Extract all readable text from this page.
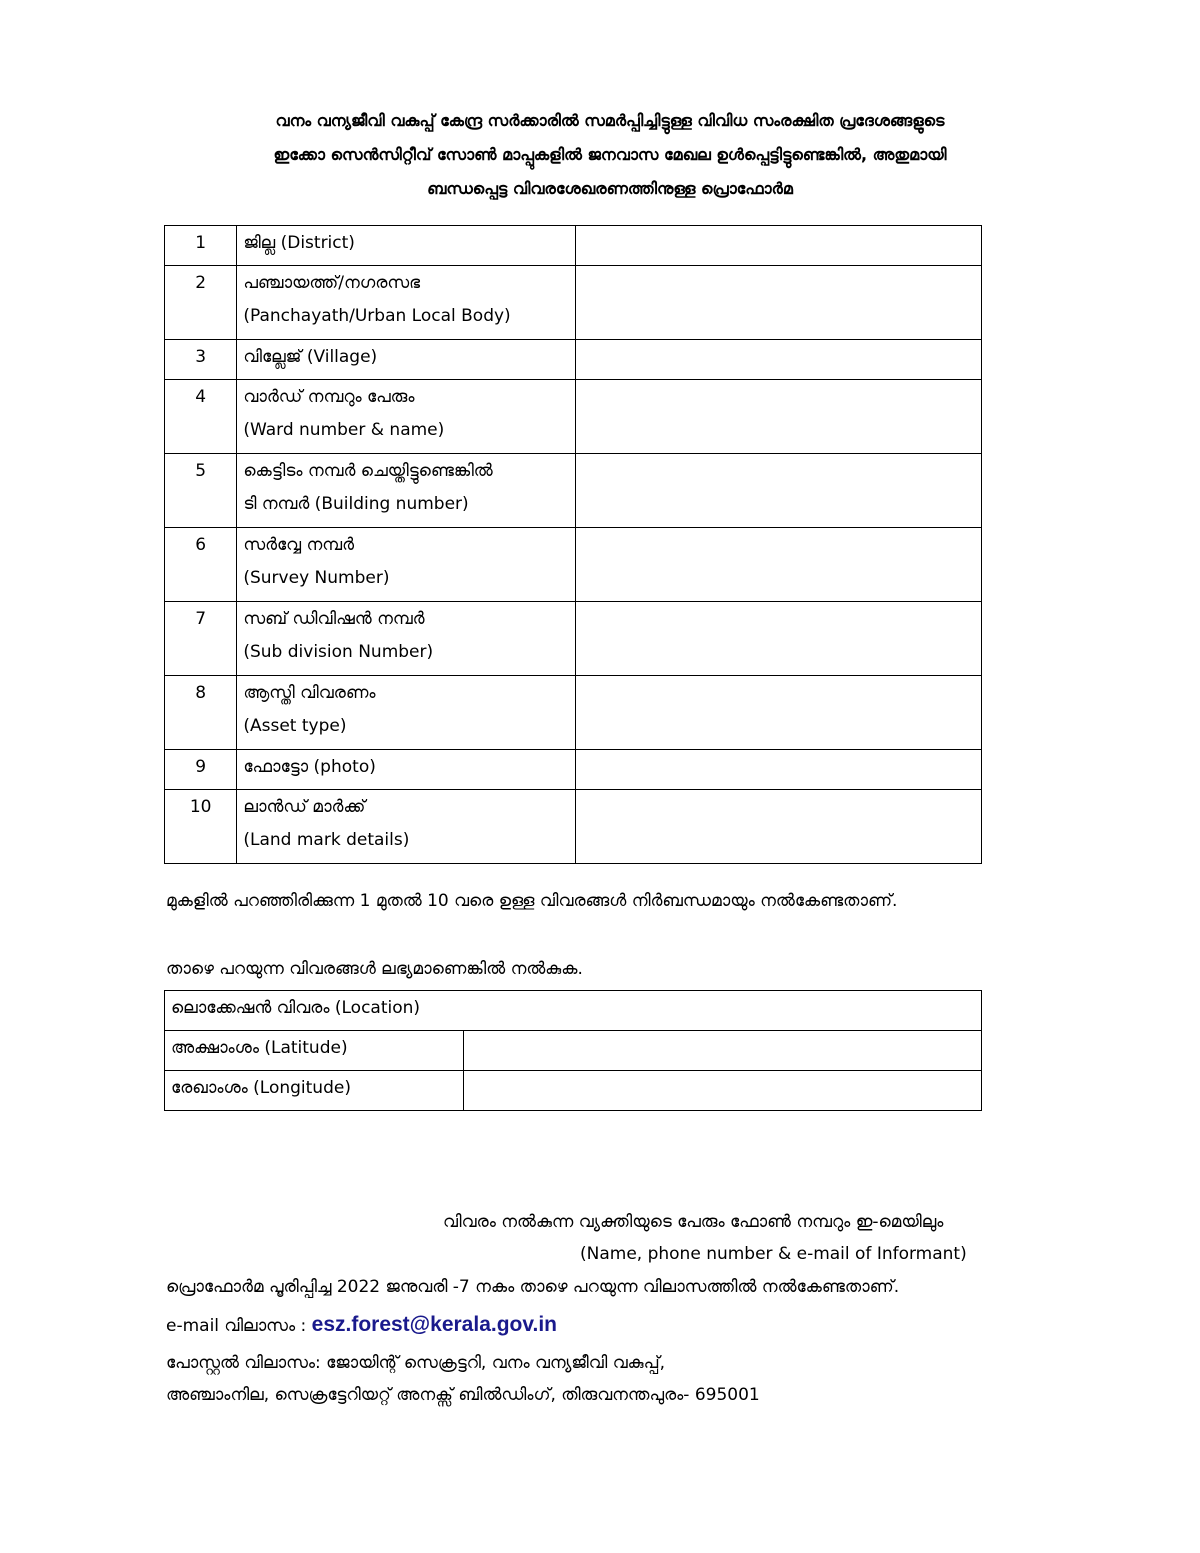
വനം വന്യജീവി വകുപ്പ് കേന്ദ്ര സർക്കാരിൽ സമർപ്പിച്ചിട്ടുള്ള വിവിധ സംരക്ഷിത പ്രദേശങ്ങളുടെ
ഇക്കോ സെൻസിറ്റീവ് സോൺ മാപ്പുകളിൽ ജനവാസ മേഖല ഉൾപ്പെട്ടിട്ടുണ്ടെങ്കിൽ, അതുമായി
ബന്ധപ്പെട്ട വിവരശേഖരണത്തിനുള്ള പ്രൊഫോർമ
1	ജില്ല (District)	

2	പഞ്ചായത്ത്/നഗരസഭ
(Panchayath/Urban Local Body)	

3	വില്ലേജ് (Village)	

4	വാർഡ് നമ്പറും പേരും
(Ward number & name)	

5	കെട്ടിടം നമ്പർ ചെയ്തിട്ടുണ്ടെങ്കിൽ
ടി നമ്പർ (Building number)	

6	സർവ്വേ നമ്പർ
(Survey Number)	

7	സബ് ഡിവിഷൻ നമ്പർ
(Sub division Number)	

8	ആസ്തി വിവരണം
(Asset type)	

9	ഫോട്ടോ (photo)	

10	ലാൻഡ് മാർക്ക്
(Land mark details)	

മുകളിൽ പറഞ്ഞിരിക്കുന്ന 1 മുതൽ 10 വരെ ഉള്ള വിവരങ്ങൾ നിർബന്ധമായും നൽകേണ്ടതാണ്.
താഴെ പറയുന്ന വിവരങ്ങൾ ലഭ്യമാണെങ്കിൽ നൽകുക.
ലൊക്കേഷൻ വിവരം (Location)	
അക്ഷാംശം (Latitude)	
രേഖാംശം (Longitude)	
വിവരം നൽകുന്ന വ്യക്തിയുടെ പേരും ഫോൺ നമ്പറും ഇ-മെയിലും
(Name, phone number & e-mail of Informant)
പ്രൊഫോർമ പൂരിപ്പിച്ച 2022 ജനുവരി -7 നകം താഴെ പറയുന്ന വിലാസത്തിൽ നൽകേണ്ടതാണ്.
e-mail വിലാസം : esz.forest@kerala.gov.in
പോസ്റ്റൽ വിലാസം: ജോയിന്റ് സെക്രട്ടറി, വനം വന്യജീവി വകുപ്പ്,
അഞ്ചാംനില, സെക്രട്ടേറിയറ്റ് അനക്സ് ബിൽഡിംഗ്, തിരുവനന്തപുരം- 695001
